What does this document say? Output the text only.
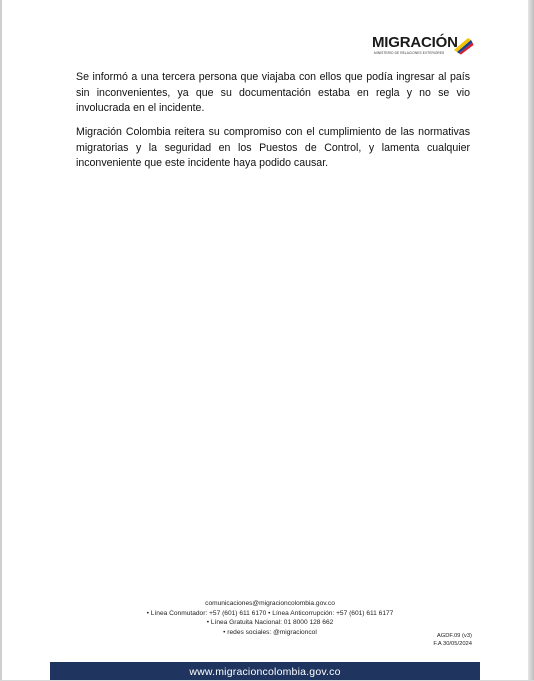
MIGRACIÓN
MINISTERIO DE RELACIONES EXTERIORES

Se informó a una tercera persona que viajaba con ellos que podía ingresar al país sin inconvenientes, ya que su documentación estaba en regla y no se vio involucrada en el incidente.

Migración Colombia reitera su compromiso con el cumplimiento de las normativas migratorias y la seguridad en los Puestos de Control, y lamenta cualquier inconveniente que este incidente haya podido causar.

comunicaciones@migracioncolombia.gov.co
• Línea Conmutador: +57 (601) 611 6170 • Línea Anticorrupción: +57 (601) 611 6177
• Línea Gratuita Nacional: 01 8000 128 662
• redes sociales: @migracioncol
AGDF.09 (v3)
F.A 30/05/2024
www.migracioncolombia.gov.co
